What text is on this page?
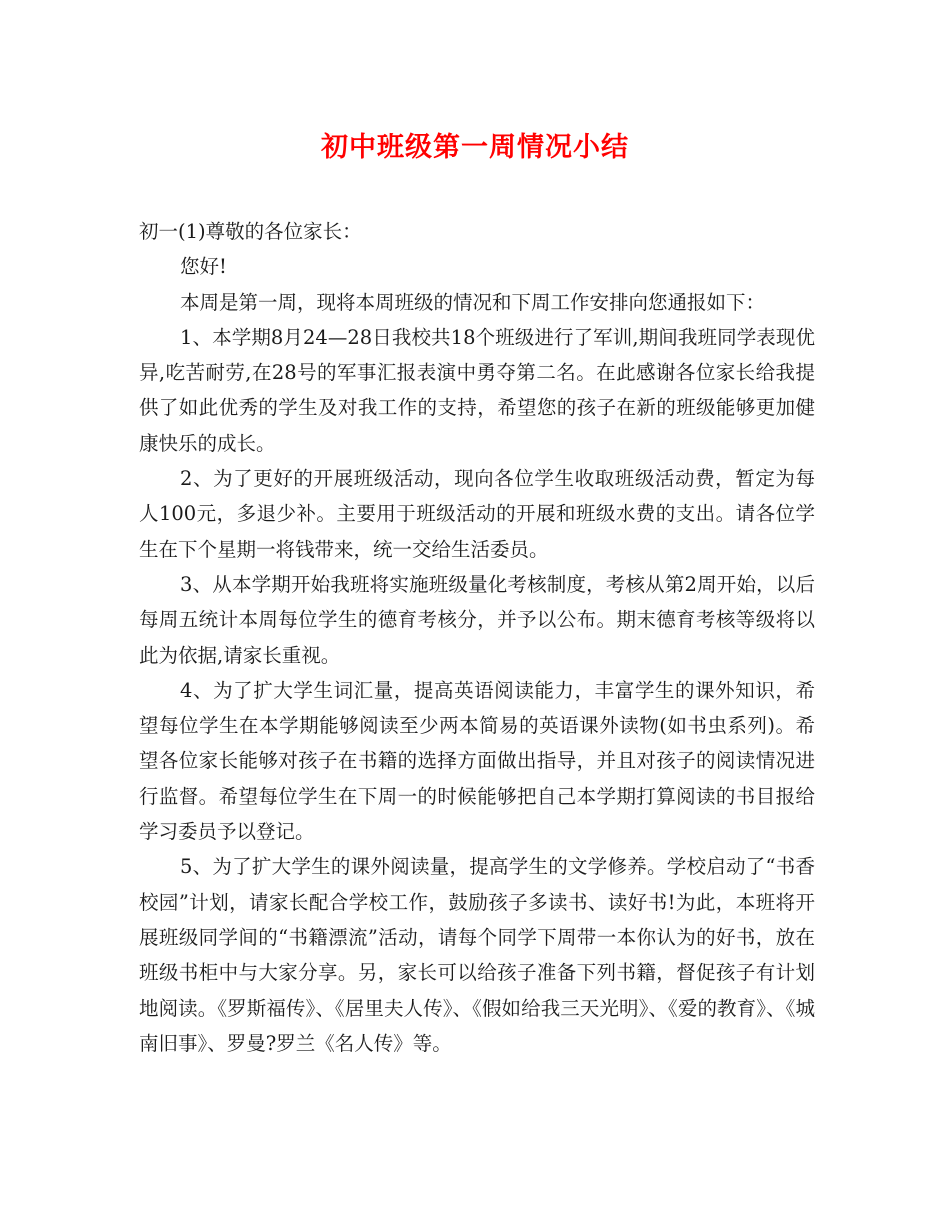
初中班级第一周情况小结

初一(1)尊敬的各位家长：

您好!

本周是第一周，现将本周班级的情况和下周工作安排向您通报如下：

1、本学期8月24—28日我校共18个班级进行了军训,期间我班同学表现优异,吃苦耐劳,在28号的军事汇报表演中勇夺第二名。在此感谢各位家长给我提供了如此优秀的学生及对我工作的支持，希望您的孩子在新的班级能够更加健康快乐的成长。

2、为了更好的开展班级活动，现向各位学生收取班级活动费，暂定为每人100元，多退少补。主要用于班级活动的开展和班级水费的支出。请各位学生在下个星期一将钱带来，统一交给生活委员。

3、从本学期开始我班将实施班级量化考核制度，考核从第2周开始，以后每周五统计本周每位学生的德育考核分，并予以公布。期末德育考核等级将以此为依据,请家长重视。

4、为了扩大学生词汇量，提高英语阅读能力，丰富学生的课外知识，希望每位学生在本学期能够阅读至少两本简易的英语课外读物(如书虫系列)。希望各位家长能够对孩子在书籍的选择方面做出指导，并且对孩子的阅读情况进行监督。希望每位学生在下周一的时候能够把自己本学期打算阅读的书目报给学习委员予以登记。

5、为了扩大学生的课外阅读量，提高学生的文学修养。学校启动了“书香校园”计划，请家长配合学校工作，鼓励孩子多读书、读好书!为此，本班将开展班级同学间的“书籍漂流”活动，请每个同学下周带一本你认为的好书，放在班级书柜中与大家分享。另，家长可以给孩子准备下列书籍，督促孩子有计划地阅读。《罗斯福传》、《居里夫人传》、《假如给我三天光明》、《爱的教育》、《城南旧事》、罗曼?罗兰《名人传》等。
